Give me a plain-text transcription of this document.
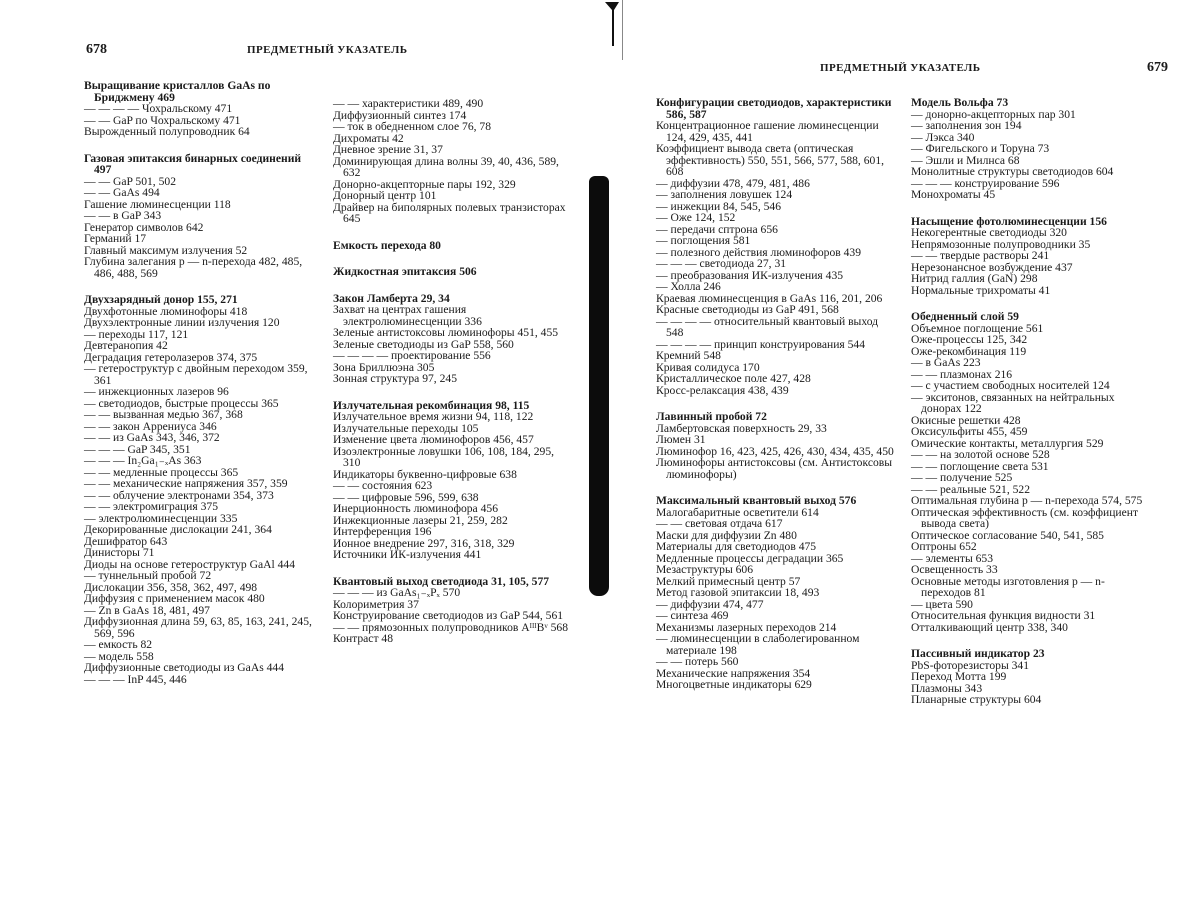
678	ПРЕДМЕТНЫЙ УКАЗАТЕЛЬ
Выращивание кристаллов GaAs по Бриджмену 469
— — — — Чохральскому 471
— — GaP по Чохральскому 471
Вырожденный полупроводник 64
Газовая эпитаксия бинарных соединений 497
— — GaP 501, 502
— — GaAs 494
Гашение люминесценции 118
— — в GaP 343
Генератор символов 642
Германий 17
Главный максимум излучения 52
Глубина залегания p — n-перехода 482, 485, 486, 488, 569
Двухзарядный донор 155, 271
Двухфотонные люминофоры 418
Двухэлектронные линии излучения 120
— переходы 117, 121
Девтеранопия 42
Деградация гетеролазеров 374, 375
— гетероструктур с двойным переходом 359, 361
— инжекционных лазеров 96
— светодиодов, быстрые процессы 365
— — вызванная медью 367, 368
— — закон Аррениуса 346
— — из GaAs 343, 346, 372
— — — GaP 345, 351
— — — In₂Ga₁₋ₓAs 363
— — медленные процессы 365
— — механические напряжения 357, 359
— — облучение электронами 354, 373
— — электромиграция 375
— электролюминесценции 335
Декорированные дислокации 241, 364
Дешифратор 643
Динисторы 71
Диоды на основе гетероструктур GaAl 444
— туннельный пробой 72
Дислокации 356, 358, 362, 497, 498
Диффузия с применением масок 480
— Zn в GaAs 18, 481, 497
Диффузионная длина 59, 63, 85, 163, 241, 245, 569, 596
— емкость 82
— модель 558
Диффузионные светодиоды из GaAs 444
— — — InP 445, 446
— — характеристики 489, 490
Диффузионный синтез 174
— ток в обедненном слое 76, 78
Дихроматы 42
Дневное зрение 31, 37
Доминирующая длина волны 39, 40, 436, 589, 632
Донорно-акцепторные пары 192, 329
Донорный центр 101
Драйвер на биполярных полевых транзисторах 645
Емкость перехода 80
Жидкостная эпитаксия 506
Закон Ламберта 29, 34
Захват на центрах гашения электролюминесценции 336
Зеленые антистоксовы люминофоры 451, 455
Зеленые светодиоды из GaP 558, 560
— — — — проектирование 556
Зона Бриллюэна 305
Зонная структура 97, 245
Излучательная рекомбинация 98, 115
Излучательное время жизни 94, 118, 122
Излучательные переходы 105
Изменение цвета люминофоров 456, 457
Изоэлектронные ловушки 106, 108, 184, 295, 310
Индикаторы буквенно-цифровые 638
— — состояния 623
— — цифровые 596, 599, 638
Инерционность люминофора 456
Инжекционные лазеры 21, 259, 282
Интерференция 196
Ионное внедрение 297, 316, 318, 329
Источники ИК-излучения 441
Квантовый выход светодиода 31, 105, 577
— — — из GaAs₁₋ₓPₓ 570
Колориметрия 37
Конструирование светодиодов из GaP 544, 561
— — прямозонных полупроводников AᴵᴵᴵBᵛ 568
Контраст 48
ПРЕДМЕТНЫЙ УКАЗАТЕЛЬ	679
Конфигурации светодиодов, характеристики 586, 587
Концентрационное гашение люминесценции 124, 429, 435, 441
Коэффициент вывода света (оптическая эффективность) 550, 551, 566, 577, 588, 601, 608
— диффузии 478, 479, 481, 486
— заполнения ловушек 124
— инжекции 84, 545, 546
— Оже 124, 152
— передачи сптрона 656
— поглощения 581
— полезного действия люминофоров 439
— — — светодиода 27, 31
— преобразования ИК-излучения 435
— Холла 246
Краевая люминесценция в GaAs 116, 201, 206
Красные светодиоды из GaP 491, 568
— — — — относительный квантовый выход 548
— — — — принцип конструирования 544
Кремний 548
Кривая солидуса 170
Кристаллическое поле 427, 428
Кросс-релаксация 438, 439
Лавинный пробой 72
Ламбертовская поверхность 29, 33
Люмен 31
Люминофор 16, 423, 425, 426, 430, 434, 435, 450
Люминофоры антистоксовы (см. Антистоксовы люминофоры)
Максимальный квантовый выход 576
Малогабаритные осветители 614
— — световая отдача 617
Маски для диффузии Zn 480
Материалы для светодиодов 475
Медленные процессы деградации 365
Мезаструктуры 606
Мелкий примесный центр 57
Метод газовой эпитаксии 18, 493
— диффузии 474, 477
— синтеза 469
Механизмы лазерных переходов 214
— люминесценции в слаболегированном материале 198
— — потерь 560
Механические напряжения 354
Многоцветные индикаторы 629
Модель Вольфа 73
— донорно-акцепторных пар 301
— заполнения зон 194
— Лэкса 340
— Фигельского и Торуна 73
— Эшли и Милнса 68
Монолитные структуры светодиодов 604
— — — конструирование 596
Монохроматы 45
Насыщение фотолюминесценции 156
Некогерентные светодиоды 320
Непрямозонные полупроводники 35
— — твердые растворы 241
Нерезонансное возбуждение 437
Нитрид галлия (GaN) 298
Нормальные трихроматы 41
Обедненный слой 59
Объемное поглощение 561
Оже-процессы 125, 342
Оже-рекомбинация 119
— в GaAs 223
— — плазмонах 216
— с участием свободных носителей 124
— экситонов, связанных на нейтральных донорах 122
Окисные решетки 428
Оксисульфиты 455, 459
Омические контакты, металлургия 529
— — на золотой основе 528
— — поглощение света 531
— — получение 525
— — реальные 521, 522
Оптимальная глубина p — n-перехода 574, 575
Оптическая эффективность (см. коэффициент вывода света)
Оптическое согласование 540, 541, 585
Оптроны 652
— элементы 653
Освещенность 33
Основные методы изготовления p — n-переходов 81
— цвета 590
Относительная функция видности 31
Отталкивающий центр 338, 340
Пассивный индикатор 23
PbS-фоторезисторы 341
Переход Мотта 199
Плазмоны 343
Планарные структуры 604
